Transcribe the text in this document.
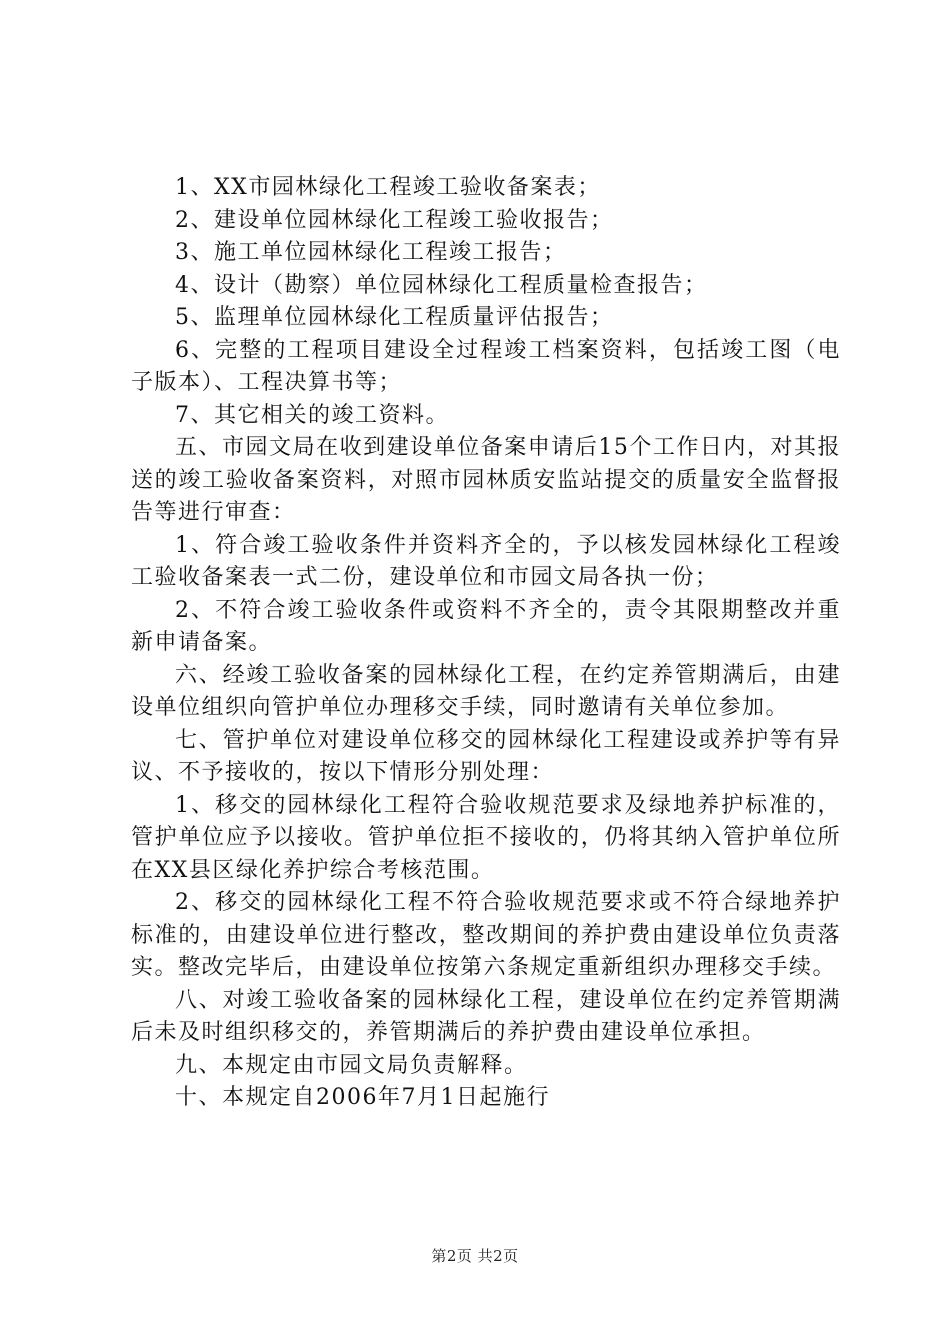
1、XX市园林绿化工程竣工验收备案表；

2、建设单位园林绿化工程竣工验收报告；

3、施工单位园林绿化工程竣工报告；

4、设计（勘察）单位园林绿化工程质量检查报告；

5、监理单位园林绿化工程质量评估报告；

6、完整的工程项目建设全过程竣工档案资料，包括竣工图（电子版本）、工程决算书等；

7、其它相关的竣工资料。

五、市园文局在收到建设单位备案申请后15个工作日内，对其报送的竣工验收备案资料，对照市园林质安监站提交的质量安全监督报告等进行审查：

1、符合竣工验收条件并资料齐全的，予以核发园林绿化工程竣工验收备案表一式二份，建设单位和市园文局各执一份；

2、不符合竣工验收条件或资料不齐全的，责令其限期整改并重新申请备案。

六、经竣工验收备案的园林绿化工程，在约定养管期满后，由建设单位组织向管护单位办理移交手续，同时邀请有关单位参加。

七、管护单位对建设单位移交的园林绿化工程建设或养护等有异议、不予接收的，按以下情形分别处理：

1、移交的园林绿化工程符合验收规范要求及绿地养护标准的，管护单位应予以接收。管护单位拒不接收的，仍将其纳入管护单位所在XX县区绿化养护综合考核范围。

2、移交的园林绿化工程不符合验收规范要求或不符合绿地养护标准的，由建设单位进行整改，整改期间的养护费由建设单位负责落实。整改完毕后，由建设单位按第六条规定重新组织办理移交手续。

八、对竣工验收备案的园林绿化工程，建设单位在约定养管期满后未及时组织移交的，养管期满后的养护费由建设单位承担。

九、本规定由市园文局负责解释。

十、本规定自2006年7月1日起施行

第2页 共2页
